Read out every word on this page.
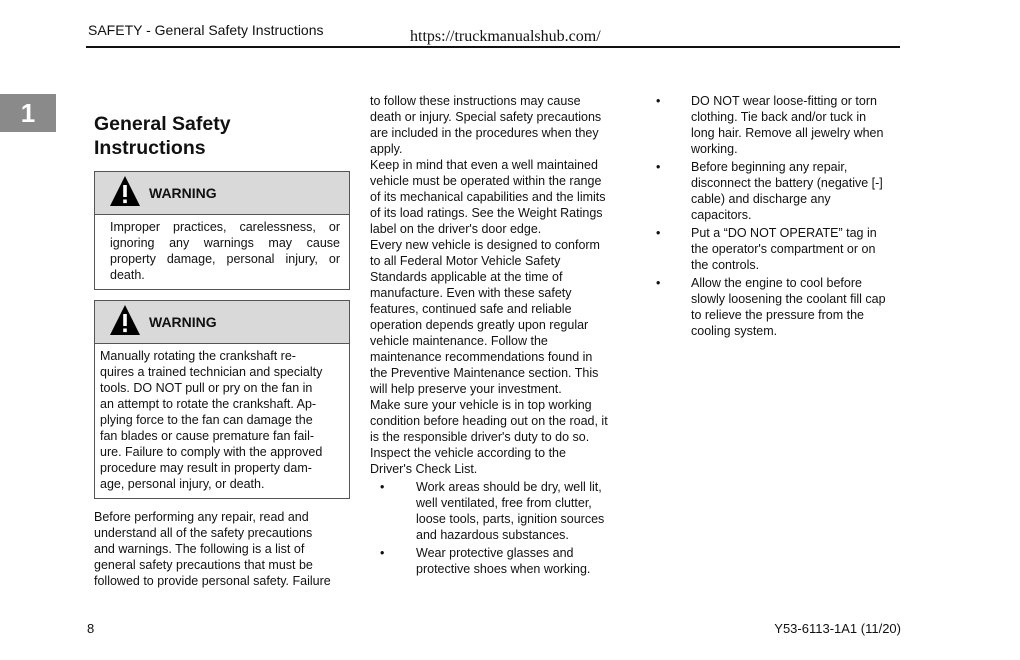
SAFETY - General Safety Instructions	https://truckmanualshub.com/
1	General Safety
Instructions
WARNING
Improper practices, carelessness, or ignoring any warnings may cause property damage, personal injury, or death.
WARNING
Manually rotating the crankshaft re-
quires a trained technician and specialty
tools. DO NOT pull or pry on the fan in
an attempt to rotate the crankshaft. Ap-
plying force to the fan can damage the
fan blades or cause premature fan fail-
ure. Failure to comply with the approved
procedure may result in property dam-
age, personal injury, or death.

Before performing any repair, read and
understand all of the safety precautions
and warnings. The following is a list of
general safety precautions that must be
followed to provide personal safety. Failure

to follow these instructions may cause
death or injury. Special safety precautions
are included in the procedures when they
apply.

Keep in mind that even a well maintained
vehicle must be operated within the range
of its mechanical capabilities and the limits
of its load ratings. See the Weight Ratings
label on the driver's door edge.

Every new vehicle is designed to conform
to all Federal Motor Vehicle Safety
Standards applicable at the time of
manufacture. Even with these safety
features, continued safe and reliable
operation depends greatly upon regular
vehicle maintenance. Follow the
maintenance recommendations found in
the Preventive Maintenance section. This
will help preserve your investment.

Make sure your vehicle is in top working
condition before heading out on the road, it
is the responsible driver's duty to do so.
Inspect the vehicle according to the
Driver's Check List.

•	Work areas should be dry, well lit,
well ventilated, free from clutter,
loose tools, parts, ignition sources
and hazardous substances.
•	Wear protective glasses and
protective shoes when working.
• DO NOT wear loose-fitting or torn
clothing. Tie back and/or tuck in
long hair. Remove all jewelry when
working.
• Before beginning any repair,
disconnect the battery (negative [-]
cable) and discharge any
capacitors.
• Put a “DO NOT OPERATE” tag in
the operator's compartment or on
the controls.
• Allow the engine to cool before
slowly loosening the coolant fill cap
to relieve the pressure from the
cooling system.
8	Y53-6113-1A1 (11/20)
